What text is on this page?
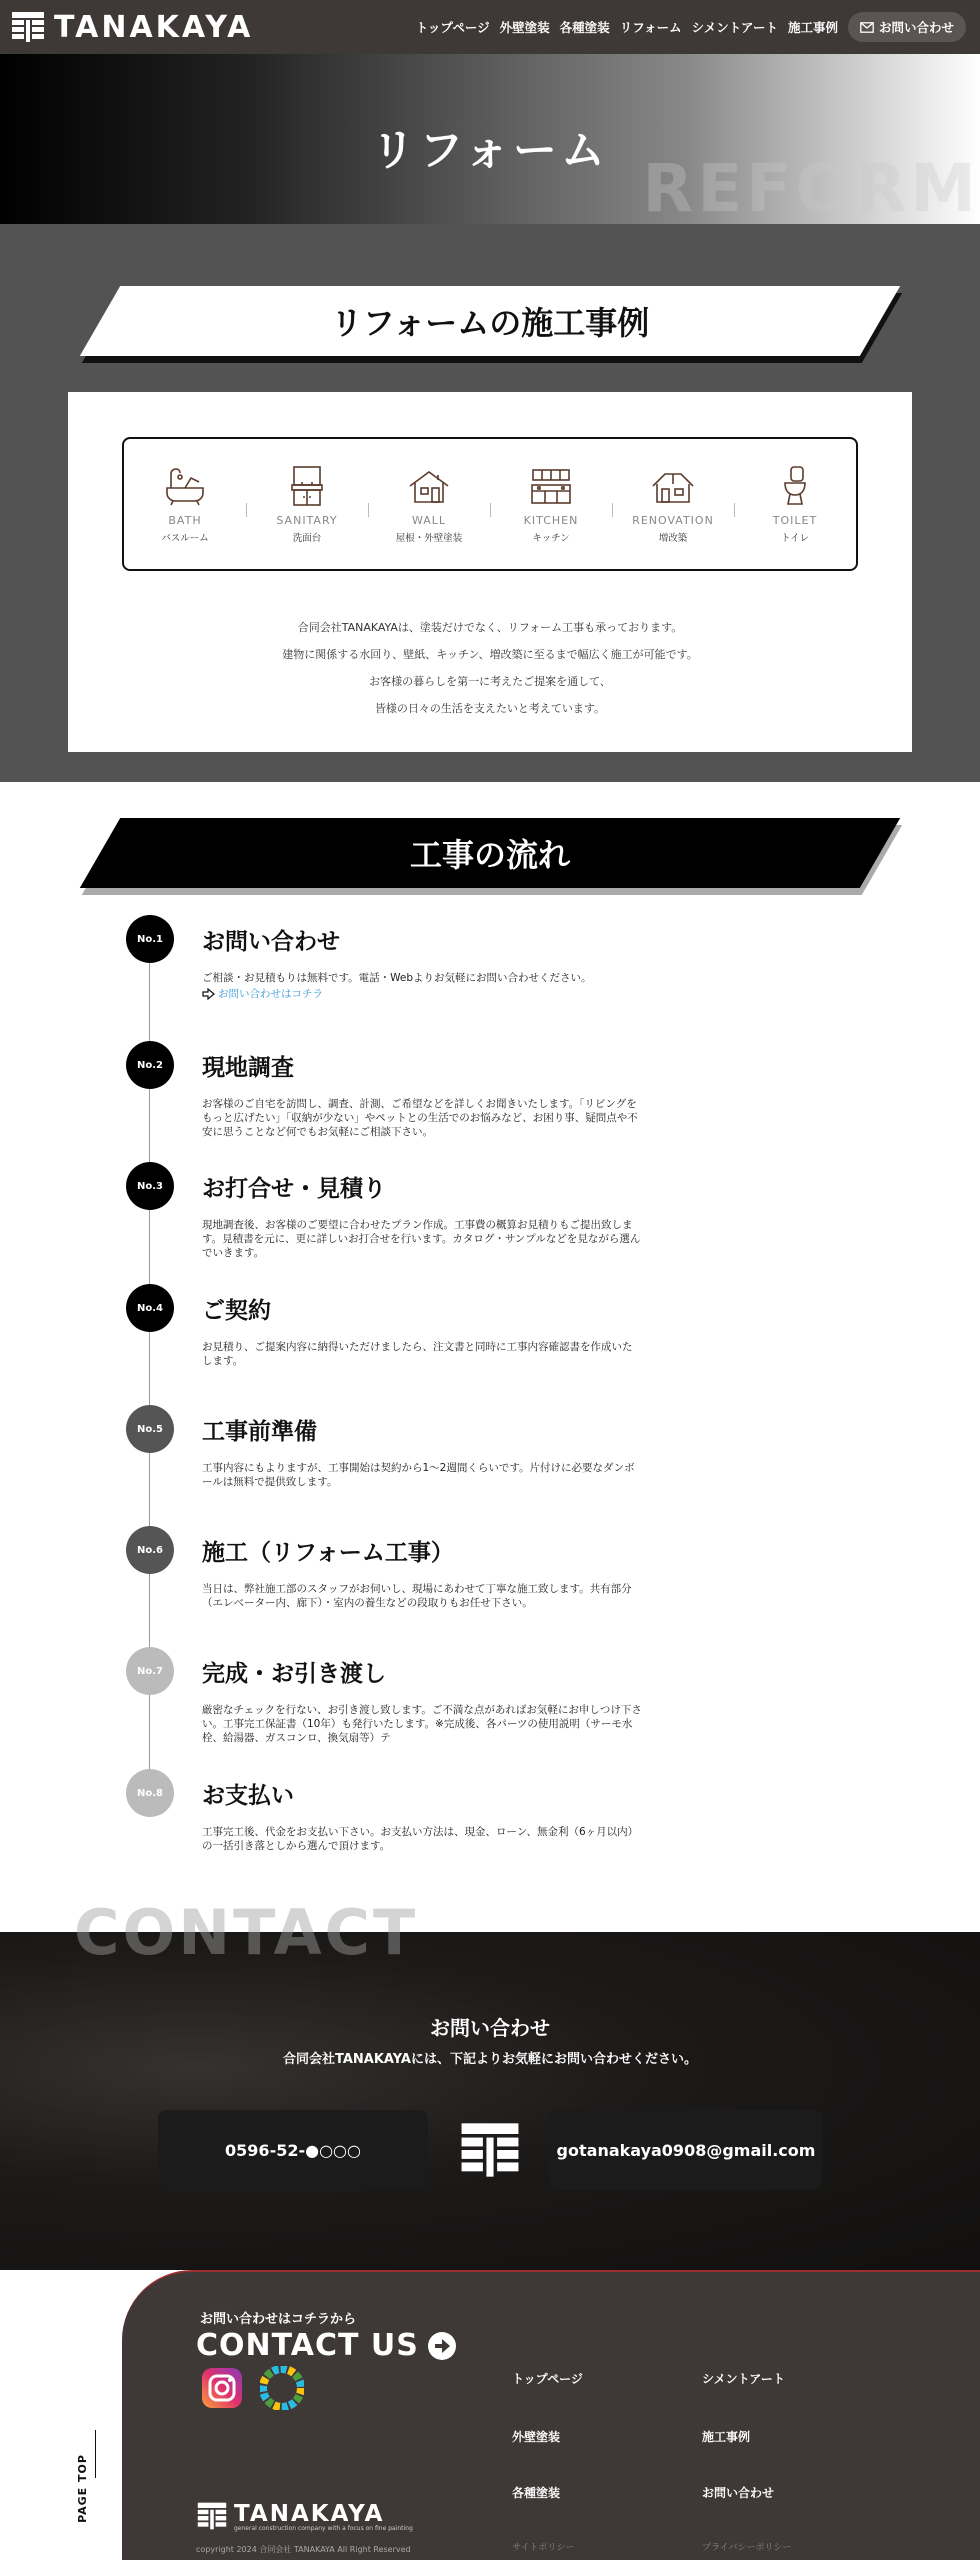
TANAKAYA	トップページ 外壁塗装 各種塗装 リフォーム シメントアート 施工事例	お問い合わせ
REFORM
リフォーム
リフォームの施工事例
BATH
バスルーム
SANITARY
洗面台
WALL
屋根・外壁塗装
KITCHEN
キッチン
RENOVATION
増改築
TOILET
トイレ

合同会社TANAKAYAは、塗装だけでなく、リフォーム工事も承っております。

建物に関係する水回り、壁紙、キッチン、増改築に至るまで幅広く施工が可能です。

お客様の暮らしを第一に考えたご提案を通して、

皆様の日々の生活を支えたいと考えています。

工事の流れ
No.1	お問い合わせ
ご相談・お見積もりは無料です。電話・Webよりお気軽にお問い合わせください。
お問い合わせはコチラ
No.2	現地調査
お客様のご自宅を訪問し、調査、計測、ご希望などを詳しくお聞きいたします。「リビングをもっと広げたい」「収納が少ない」やペットとの生活でのお悩みなど、お困り事、疑問点や不安に思うことなど何でもお気軽にご相談下さい。
No.3	お打合せ・見積り
現地調査後、お客様のご要望に合わせたプラン作成。工事費の概算お見積りもご提出致します。見積書を元に、更に詳しいお打合せを行います。カタログ・サンプルなどを見ながら選んでいきます。
No.4	ご契約
お見積り、ご提案内容に納得いただけましたら、注文書と同時に工事内容確認書を作成いたします。
No.5	工事前準備
工事内容にもよりますが、工事開始は契約から1〜2週間くらいです。片付けに必要なダンボールは無料で提供致します。
No.6	施工（リフォーム工事）
当日は、弊社施工部のスタッフがお伺いし、現場にあわせて丁寧な施工致します。共有部分（エレベーター内、廊下）・室内の養生などの段取りもお任せ下さい。
No.7	完成・お引き渡し
厳密なチェックを行ない、お引き渡し致します。ご不満な点があればお気軽にお申しつけ下さい。工事完工保証書（10年）も発行いたします。※完成後、各パーツの使用説明（サーモ水栓、給湯器、ガスコンロ、換気扇等）テ
No.8	お支払い
工事完工後、代金をお支払い下さい。お支払い方法は、現金、ローン、無金利（6ヶ月以内）の一括引き落としから選んで頂けます。
お問い合わせ
合同会社TANAKAYAには、下記よりお気軽にお問い合わせください。
0596-52-●○○○	gotanakaya0908@gmail.com
CONTACT
お問い合わせはコチラから
CONTACT US
トップページ	シメントアート
外壁塗装	施工事例
各種塗装	お問い合わせ
TANAKAYA
general construction company with a focus on fine painting
copyright 2024 合同会社 TANAKAYA All Right Reserved	サイトポリシー	プライバシーポリシー
PAGE TOP
